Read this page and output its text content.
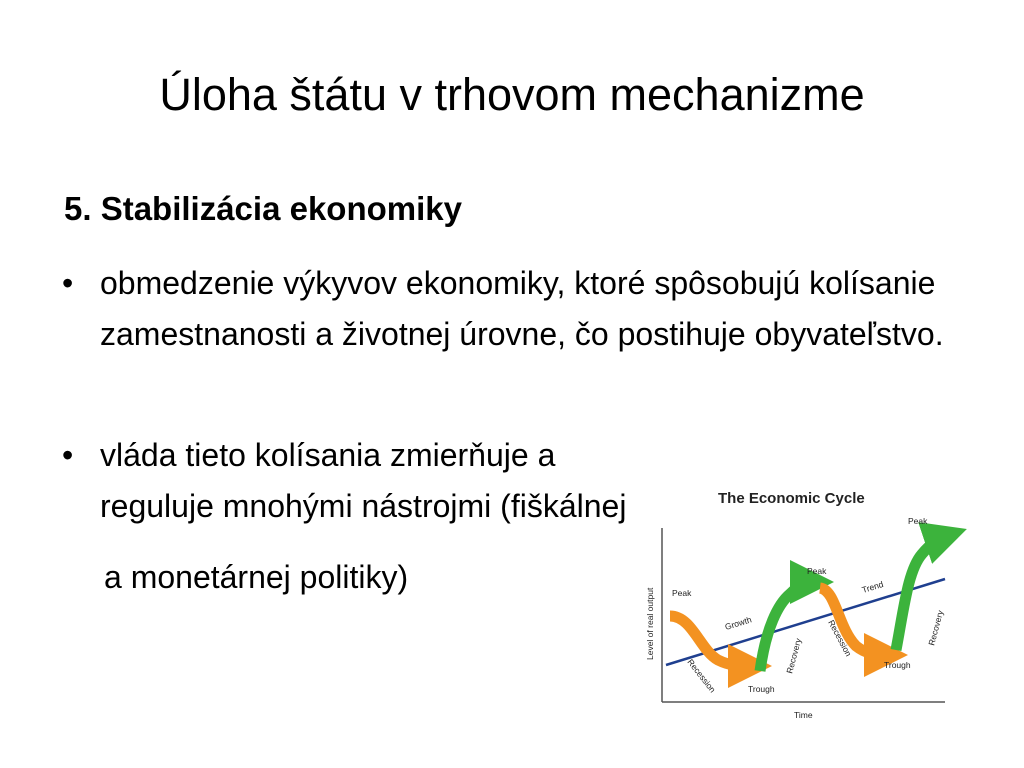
Úloha štátu v trhovom mechanizme

5. Stabilizácia ekonomiky

• obmedzenie výkyvov ekonomiky, ktoré spôsobujú kolísanie zamestnanosti a životnej úrovne, čo postihuje obyvateľstvo.
• vláda tieto kolísania zmierňuje a reguluje mnohými nástrojmi (fiškálnej

a monetárnej politiky)

The Economic Cycle
Level of real output
Time
Peak
Recession	Trough
Growth
Recovery
Peak
Recession
Trough
Trend
Recovery
Peak
